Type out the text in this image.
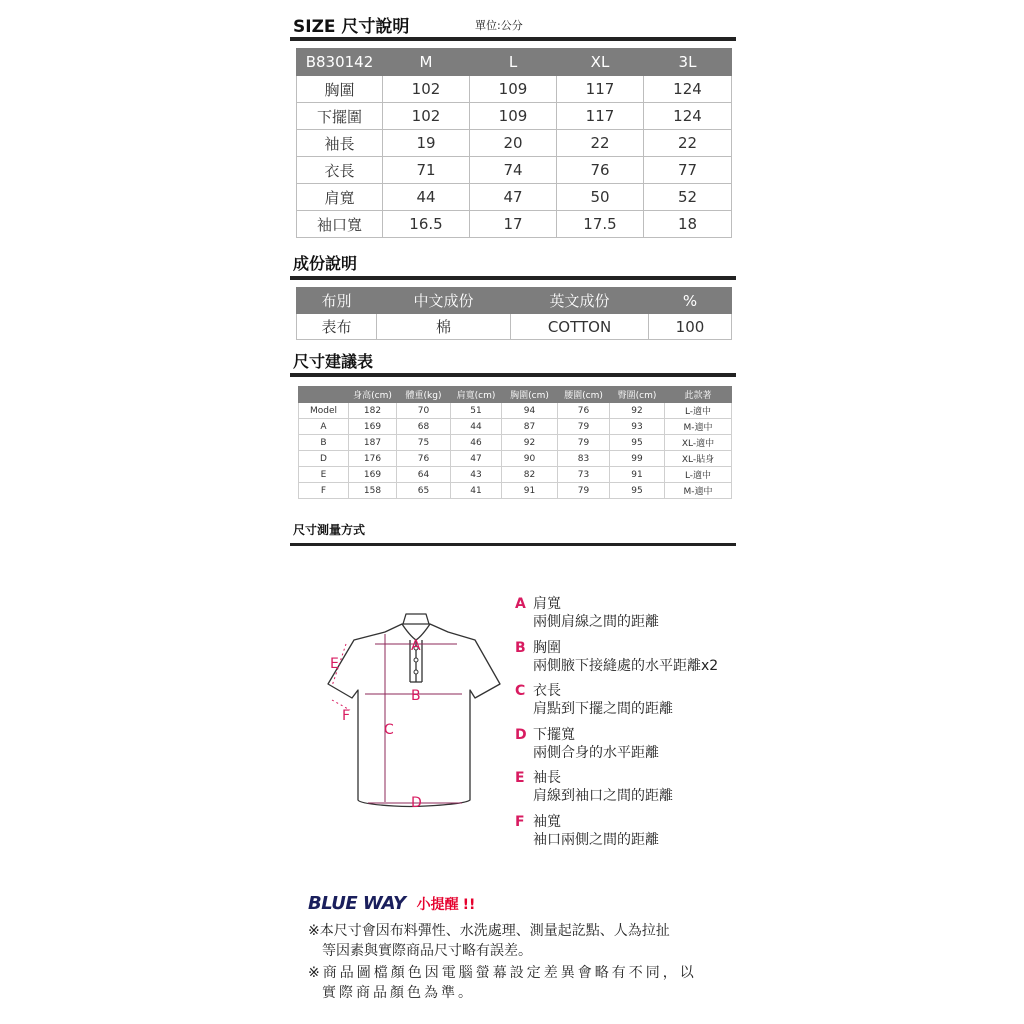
SIZE 尺寸說明	單位:公分
B830142	M	L	XL	3L
胸圍	102	109	117	124
下擺圍	102	109	117	124
袖長	19	20	22	22
衣長	71	74	76	77
肩寬	44	47	50	52
袖口寬	16.5	17	17.5	18
成份說明
布別	中文成份	英文成份	%
表布	棉	COTTON	100
尺寸建議表
	身高(cm)	體重(kg)	肩寬(cm)	胸圍(cm)	腰圍(cm)	臀圍(cm)	此款著
Model	182	70	51	94	76	92	L-適中
A	169	68	44	87	79	93	M-適中
B	187	75	46	92	79	95	XL-適中
D	176	76	47	90	83	99	XL-貼身
E	169	64	43	82	73	91	L-適中
F	158	65	41	91	79	95	M-適中
尺寸測量方式
A
B
C
D
E
F
A 肩寬
兩側肩線之間的距離
B 胸圍
兩側腋下接縫處的水平距離x2
C 衣長
肩點到下擺之間的距離
D 下擺寬
兩側合身的水平距離
E 袖長
肩線到袖口之間的距離
F 袖寬
袖口兩側之間的距離
BLUE WAY 小提醒 !!
※本尺寸會因布料彈性、水洗處理、測量起訖點、人為拉扯
等因素與實際商品尺寸略有誤差。
※商品圖檔顏色因電腦螢幕設定差異會略有不同，以
實際商品顏色為準。
